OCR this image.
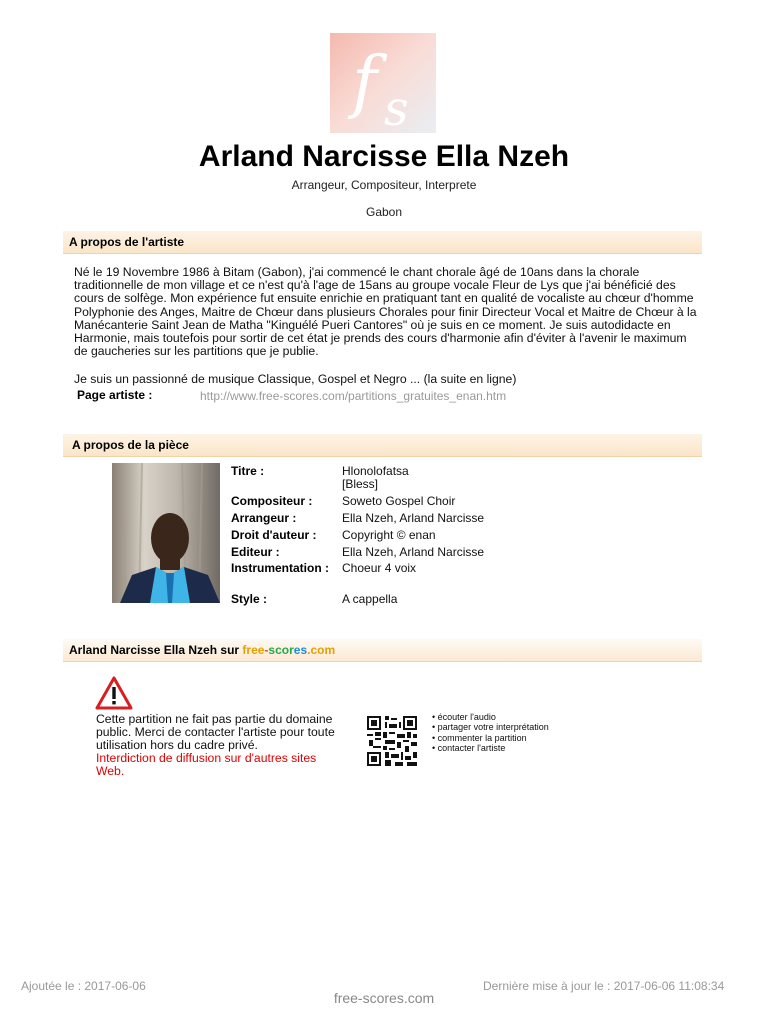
f s
Arland Narcisse Ella Nzeh
Arrangeur, Compositeur, Interprete
Gabon
A propos de l'artiste
Né le 19 Novembre 1986 à Bitam (Gabon), j'ai commencé le chant chorale âgé de 10ans dans la chorale traditionnelle de mon village et ce n'est qu'à l'age de 15ans au groupe vocale Fleur de Lys que j'ai bénéficié des cours de solfège. Mon expérience fut ensuite enrichie en pratiquant tant en qualité de vocaliste au chœur d'homme Polyphonie des Anges, Maitre de Chœur dans plusieurs Chorales pour finir Directeur Vocal et Maitre de Chœur à la Manécanterie Saint Jean de Matha "Kinguélé Pueri Cantores" où je suis en ce moment. Je suis autodidacte en Harmonie, mais toutefois pour sortir de cet état je prends des cours d'harmonie afin d'éviter à l'avenir le maximum de gaucheries sur les partitions que je publie.
Je suis un passionné de musique Classique, Gospel et Negro ... (la suite en ligne)
Page artiste :	http://www.free-scores.com/partitions_gratuites_enan.htm
A propos de la pièce
Titre :	Hlonolofatsa
[Bless]
Compositeur : Soweto Gospel Choir
Arrangeur :	Ella Nzeh, Arland Narcisse
Droit d'auteur : Copyright © enan
Editeur :	Ella Nzeh, Arland Narcisse
Instrumentation : Choeur 4 voix
Style :	A cappella
Arland Narcisse Ella Nzeh sur free-scores.com
Cette partition ne fait pas partie du domaine public. Merci de contacter l'artiste pour toute utilisation hors du cadre privé.
Interdiction de diffusion sur d'autres sites Web.
• écouter l'audio
• partager votre interprétation
• commenter la partition
• contacter l'artiste
Ajoutée le : 2017-06-06	Dernière mise à jour le : 2017-06-06 11:08:34
free-scores.com
